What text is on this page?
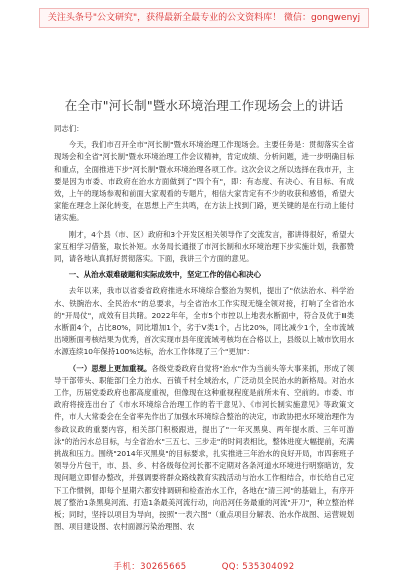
关注头条号"公文研究"，获得最新全最专业的公文资料库！ 微信：gongwenyj
在全市"河长制"暨水环境治理工作现场会上的讲话

同志们：

今天，我们市召开全市"河长制"暨水环境治理工作现场会。主要任务是：贯彻落实全省现场会和全省"河长制"暨水环境治理工作会议精神，肯定成绩、分析问题，进一步明确目标和重点，全面推进下步"河长制"暨水环境治理各项工作。这次会议之所以选择在我市开，主要是因为市委、市政府在治水方面做到了"四个有"，即：有态度、有决心、有目标、有成效，上午的现场参观和前面大家观看的专题片，相信大家肯定有不少的收获和感悟，希望大家能在理念上深化转变，在思想上产生共鸣，在方法上找到门路，更关键的是在行动上能付诸实施。

刚才，4个县（市、区）政府和3个开发区相关领导作了交流发言，都讲得很好，希望大家互相学习借鉴，取长补短。水务局长通报了市河长制和水环境治理下步实施计划，我都赞同，请各地认真抓好贯彻落实。下面，我讲三个方面的意见。

一、从治水艰难破题和实际成效中，坚定工作的信心和决心

去年以来，我市以省委省政府推进水环境综合整治为契机，提出了"依法治水、科学治水、铁腕治水、全民治水"的总要求，与全省治水工作实现无缝全领对接，打响了全省治水的"开局仗"，成效有目共睹。2022年年，全市5个市控以上地表水断面中，符合及优于Ⅲ类水断面4个，占比80%，同比增加1个，劣于V类1个，占比20%，同比减少1个，全市流域出境断面考核结果为优秀，首次实现市县年度流域考核均在合格以上，县级以上城市饮用水水源连续10年保持100%达标，治水工作体现了三个"更加"：

（一）思想上更加重视。各级党委政府自觉将"治水"作为当前头等大事来抓，形成了领导干部带头、职能部门全力治水、百镇千村全域治水，广泛动员全民治水的新格局。对治水工作，历届党委政府也都高度重视，但像现在这种重视程度是前所未有、空前的。市委、市政府将接连出台了《市水环境综合治理工作的若干意见》、《市河长制实施意见》等政策文件，市人大常委会在全省率先作出了加强水环境综合整治的决定，市政协把水环境治理作为参政议政的重要内容，相关部门积极跟进，提出了"一年灭黑臭、两年提水质、三年可游泳"的治污水总目标，与全省治水"三五七、三步走"的时间表相比，整体进度大幅提前，充满挑战和压力。围绕"2014年灭黑臭"的目标要求，扎实推进三年治水的良好开局，市四套班子领导分片包干，市、县、乡、村各级每位河长都不定期对各条河道水环境进行明察暗访，发现问题立即督办整改，并强调要将群众路线教育实践活动与治水工作相结合，市长给自己定下工作惯例，即每个星期六都安排调研和检查治水工作，各地在"清三河"的基础上，有序开展了整治1条黑臭河流、打造1条最美河流行动，向沿河任务最重的河流"开刀"，种立整治样板；同时，坚持以项目为导向，按照"一表六图"（重点项目分解表、治水作战图、运营规划图、项目建设图、农村面源污染治理图、农

手机：30265665	QQ: 535304092
